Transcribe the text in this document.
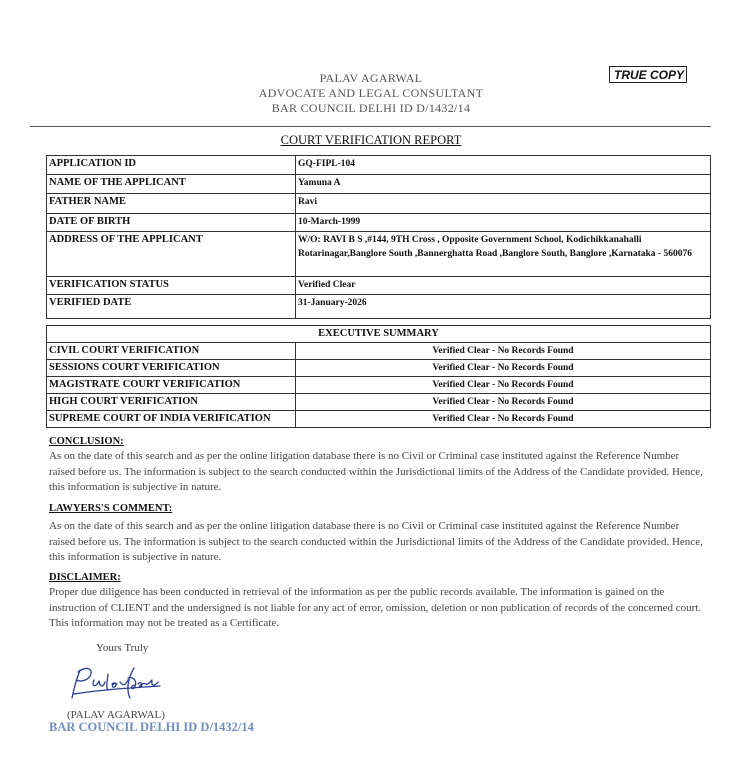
PALAV AGARWAL
ADVOCATE AND LEGAL CONSULTANT
BAR COUNCIL DELHI ID D/1432/14
TRUE COPY
COURT VERIFICATION REPORT
APPLICATION ID	GQ-FIPL-104
NAME OF THE APPLICANT	Yamuna A
FATHER NAME	Ravi
DATE OF BIRTH	10-March-1999
ADDRESS OF THE APPLICANT	W/O: RAVI B S ,#144, 9TH Cross , Opposite Government School, Kodichikkanahalli Rotarinagar,Banglore South ,Bannerghatta Road ,Banglore South, Banglore ,Karnataka - 560076
VERIFICATION STATUS	Verified Clear
VERIFIED DATE	31-January-2026
EXECUTIVE SUMMARY	
CIVIL COURT VERIFICATION	Verified Clear - No Records Found
SESSIONS COURT VERIFICATION	Verified Clear - No Records Found
MAGISTRATE COURT VERIFICATION	Verified Clear - No Records Found
HIGH COURT VERIFICATION	Verified Clear - No Records Found
SUPREME COURT OF INDIA VERIFICATION	Verified Clear - No Records Found
CONCLUSION:
As on the date of this search and as per the online litigation database there is no Civil or Criminal case instituted against the Reference Number raised before us. The information is subject to the search conducted within the Jurisdictional limits of the Address of the Candidate provided. Hence, this information is subjective in nature.
LAWYERS'S COMMENT:
As on the date of this search and as per the online litigation database there is no Civil or Criminal case instituted against the Reference Number raised before us. The information is subject to the search conducted within the Jurisdictional limits of the Address of the Candidate provided. Hence, this information is subjective in nature.
DISCLAIMER:
Proper due diligence has been conducted in retrieval of the information as per the public records available. The information is gained on the instruction of CLIENT and the undersigned is not liable for any act of error, omission, deletion or non publication of records of the concerned court. This information may not be treated as a Certificate.
Yours Truly
(PALAV AGARWAL)
BAR COUNCIL DELHI ID D/1432/14
